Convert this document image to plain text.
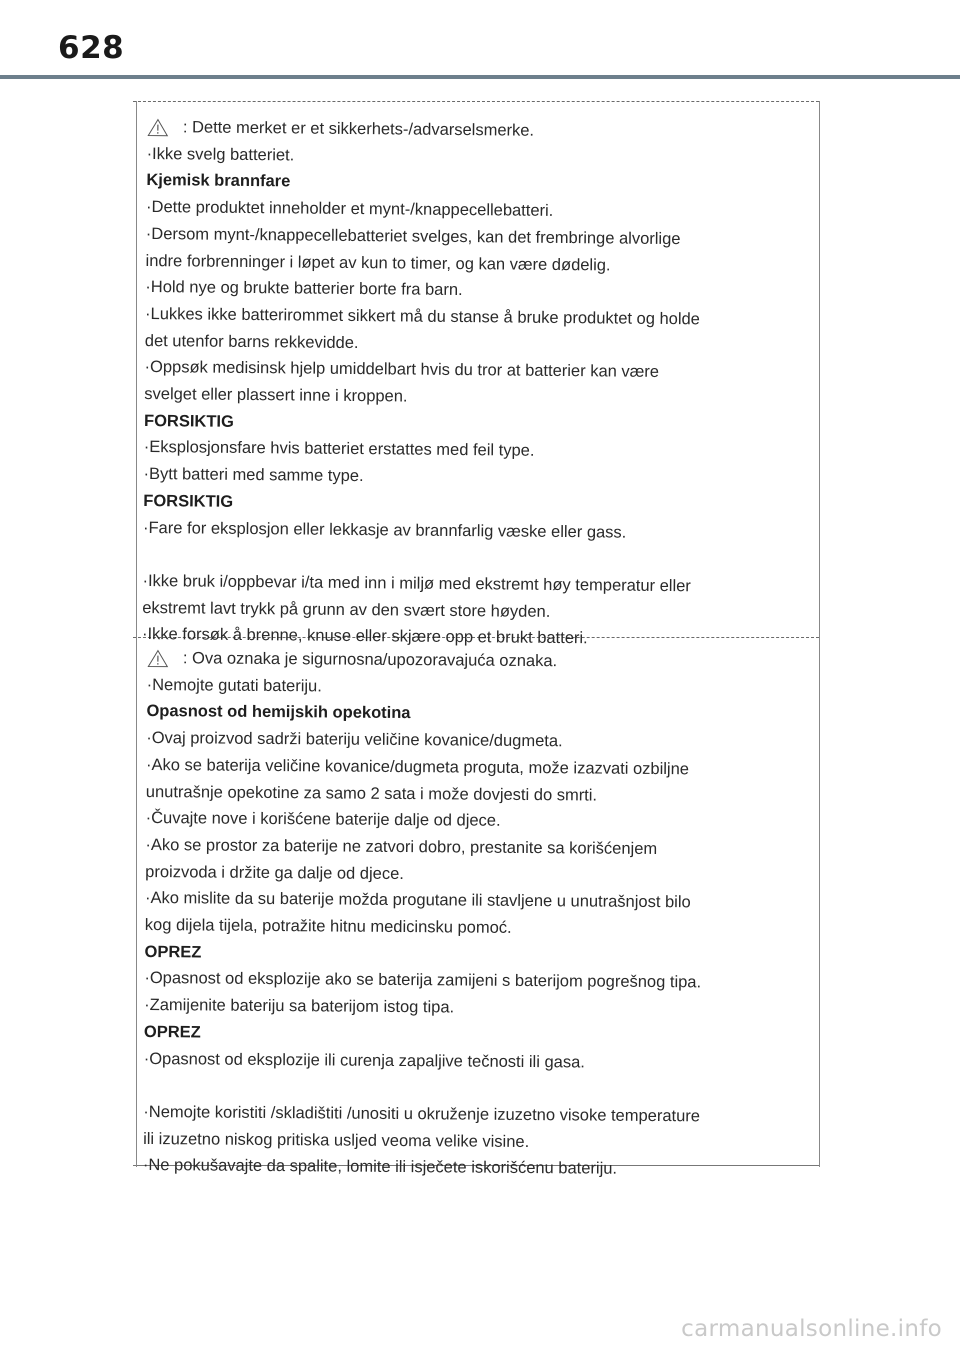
628
: Dette merket er et sikkerhets-/advarselsmerke.
·Ikke svelg batteriet.
Kjemisk brannfare
·Dette produktet inneholder et mynt-/knappecellebatteri.
·Dersom mynt-/knappecellebatteriet svelges, kan det frembringe alvorlige
indre forbrenninger i løpet av kun to timer, og kan være dødelig.
·Hold nye og brukte batterier borte fra barn.
·Lukkes ikke batterirommet sikkert må du stanse å bruke produktet og holde
det utenfor barns rekkevidde.
·Oppsøk medisinsk hjelp umiddelbart hvis du tror at batterier kan være
svelget eller plassert inne i kroppen.
FORSIKTIG
·Eksplosjonsfare hvis batteriet erstattes med feil type.
·Bytt batteri med samme type.
FORSIKTIG
·Fare for eksplosjon eller lekkasje av brannfarlig væske eller gass.
·Ikke bruk i/oppbevar i/ta med inn i miljø med ekstremt høy temperatur eller
ekstremt lavt trykk på grunn av den svært store høyden.
·Ikke forsøk å brenne, knuse eller skjære opp et brukt batteri.
: Ova oznaka je sigurnosna/upozoravajuća oznaka.
·Nemojte gutati bateriju.
Opasnost od hemijskih opekotina
·Ovaj proizvod sadrži bateriju veličine kovanice/dugmeta.
·Ako se baterija veličine kovanice/dugmeta proguta, može izazvati ozbiljne
unutrašnje opekotine za samo 2 sata i može dovjesti do smrti.
·Čuvajte nove i korišćene baterije dalje od djece.
·Ako se prostor za baterije ne zatvori dobro, prestanite sa korišćenjem
proizvoda i držite ga dalje od djece.
·Ako mislite da su baterije možda progutane ili stavljene u unutrašnjost bilo
kog dijela tijela, potražite hitnu medicinsku pomoć.
OPREZ
·Opasnost od eksplozije ako se baterija zamijeni s baterijom pogrešnog tipa.
·Zamijenite bateriju sa baterijom istog tipa.
OPREZ
·Opasnost od eksplozije ili curenja zapaljive tečnosti ili gasa.
·Nemojte koristiti /skladištiti /unositi u okruženje izuzetno visoke temperature
ili izuzetno niskog pritiska usljed veoma velike visine.
·Ne pokušavajte da spalite, lomite ili isječete iskorišćenu bateriju.
carmanualsonline.info
